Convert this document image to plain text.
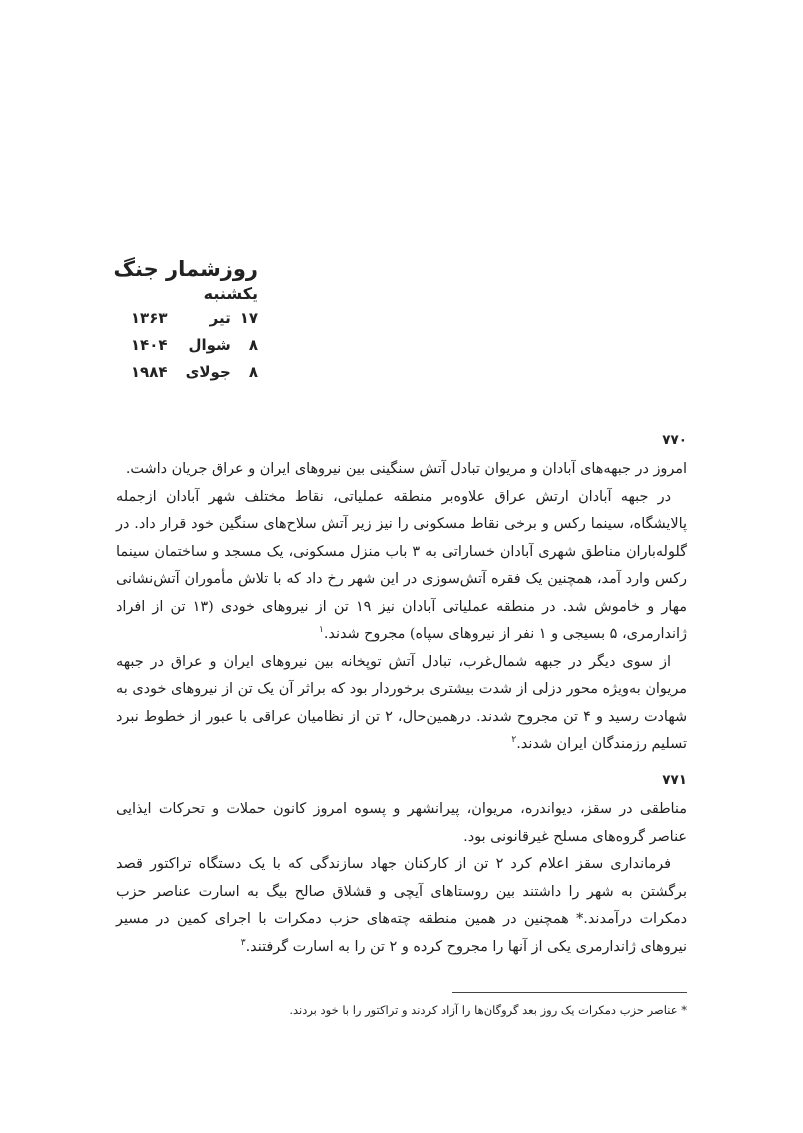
روزشمار جنگ
یکشنبه
۱۷ تیر ۱۳۶۳
۸ شوال ۱۴۰۴
۸ جولای ۱۹۸۴
۷۷۰

امروز در جبهه‌های آبادان و مریوان تبادل آتش سنگینی بین نیروهای ایران و عراق جریان داشت.

در جبهه آبادان ارتش عراق علاوه‌بر منطقه عملیاتی، نقاط مختلف شهر آبادان ازجمله پالایشگاه، سینما رکس و برخی نقاط مسکونی را نیز زیر آتش سلاح‌های سنگین خود قرار داد. در گلوله‌باران مناطق شهری آبادان خساراتی به ۳ باب منزل مسکونی، یک مسجد و ساختمان سینما رکس وارد آمد، همچنین یک فقره آتش‌سوزی در این شهر رخ داد که با تلاش مأموران آتش‌نشانی مهار و خاموش شد. در منطقه عملیاتی آبادان نیز ۱۹ تن از نیروهای خودی (۱۳ تن از افراد ژاندارمری، ۵ بسیجی و ۱ نفر از نیروهای سپاه) مجروح شدند.$^۱$

از سوی دیگر در جبهه شمال‌غرب، تبادل آتش توپخانه بین نیروهای ایران و عراق در جبهه مریوان به‌ویژه محور دزلی از شدت بیشتری برخوردار بود که براثر آن یک تن از نیروهای خودی به شهادت رسید و ۴ تن مجروح شدند. درهمین‌حال، ۲ تن از نظامیان عراقی با عبور از خطوط نبرد تسلیم رزمندگان ایران شدند.$^۲$

۷۷۱

مناطقی در سقز، دیواندره، مریوان، پیرانشهر و پسوه امروز کانون حملات و تحرکات ایذایی عناصر گروه‌های مسلح غیرقانونی بود.

فرمانداری سقز اعلام کرد ۲ تن از کارکنان جهاد سازندگی که با یک دستگاه تراکتور قصد برگشتن به شهر را داشتند بین روستاهای آیچی و قشلاق صالح بیگ به اسارت عناصر حزب دمکرات درآمدند.* همچنین در همین منطقه چته‌های حزب دمکرات با اجرای کمین در مسیر نیروهای ژاندارمری یکی از آنها را مجروح کرده و ۲ تن را به اسارت گرفتند.$^۳$

* عناصر حزب دمکرات یک روز بعد گروگان‌ها را آزاد کردند و تراکتور را با خود بردند.
